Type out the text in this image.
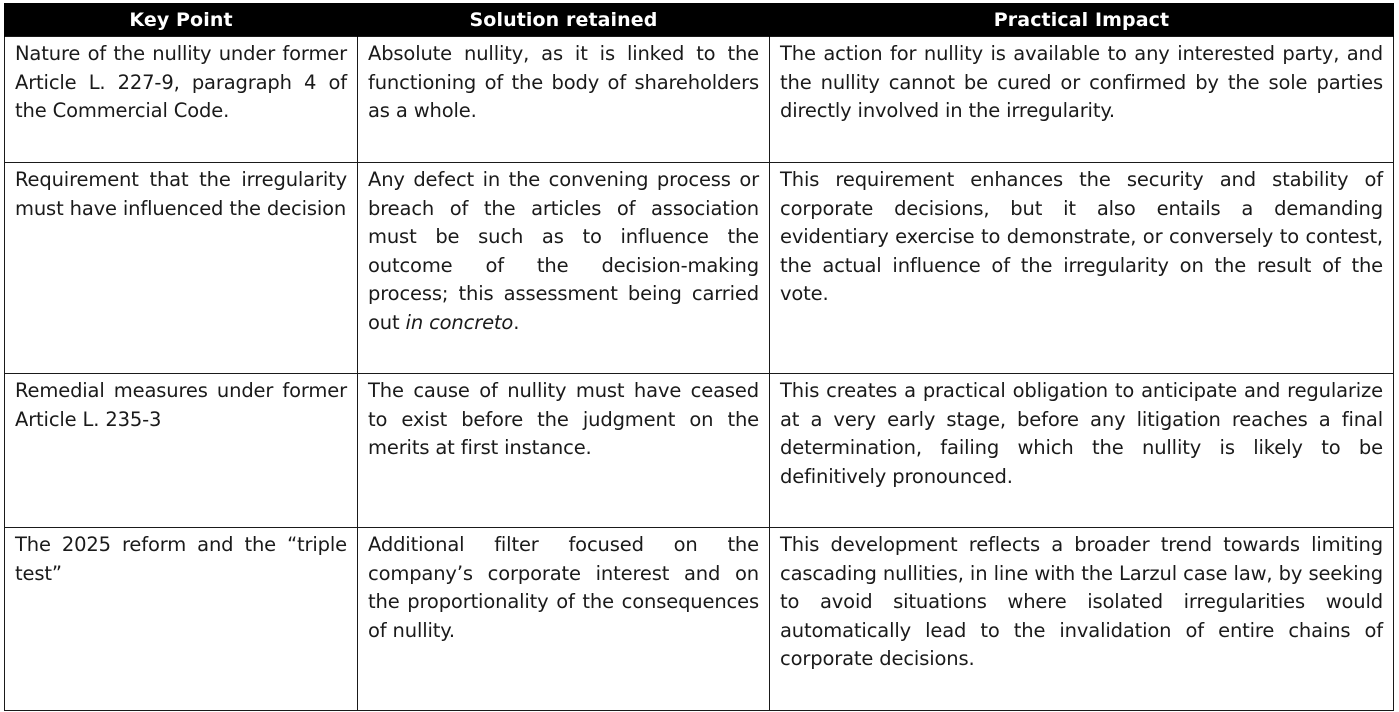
Key Point	Solution retained	Practical Impact
Nature of the nullity under former Article L. 227-9, paragraph 4 of the Commercial Code.	Absolute nullity, as it is linked to the functioning of the body of shareholders as a whole.	The action for nullity is available to any interested party, and the nullity cannot be cured or confirmed by the sole parties directly involved in the irregularity.
Requirement that the irregularity must have influenced the decision	Any defect in the convening process or breach of the articles of association must be such as to influence the outcome of the decision-making process; this assessment being carried out in concreto.	This requirement enhances the security and stability of corporate decisions, but it also entails a demanding evidentiary exercise to demonstrate, or conversely to contest, the actual influence of the irregularity on the result of the vote.
Remedial measures under former Article L. 235-3	The cause of nullity must have ceased to exist before the judgment on the merits at first instance.	This creates a practical obligation to anticipate and regularize at a very early stage, before any litigation reaches a final determination, failing which the nullity is likely to be definitively pronounced.
The 2025 reform and the “triple test”	Additional filter focused on the company’s corporate interest and on the proportionality of the consequences of nullity.	This development reflects a broader trend towards limiting cascading nullities, in line with the Larzul case law, by seeking to avoid situations where isolated irregularities would automatically lead to the invalidation of entire chains of corporate decisions.
